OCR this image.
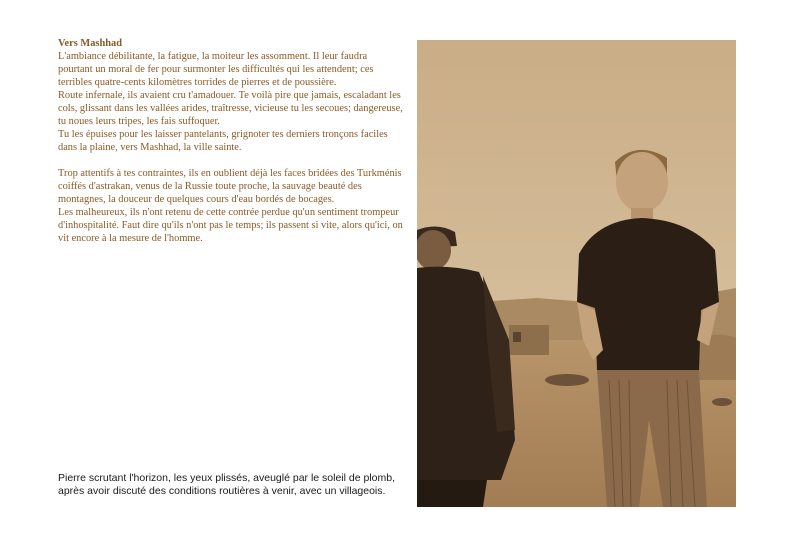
Vers Mashhad

L'ambiance débilitante, la fatigue, la moiteur les assomment. Il leur faudra pourtant un moral de fer pour surmonter les difficultés qui les attendent; ces terribles quatre-cents kilomètres torrides de pierres et de poussière.

Route infernale, ils avaient cru t'amadouer. Te voilà pire que jamais, escaladant les cols, glissant dans les vallées arides, traîtresse, vicieuse tu les secoues; dangereuse, tu noues leurs tripes, les fais suffoquer.

Tu les épuises pour les laisser pantelants, grignoter tes derniers tronçons faciles dans la plaine, vers Mashhad, la ville sainte.

Trop attentifs à tes contraintes, ils en oublient déjà les faces bridées des Turkménis coiffés d'astrakan, venus de la Russie toute proche, la sauvage beauté des montagnes, la douceur de quelques cours d'eau bordés de bocages.

Les malheureux, ils n'ont retenu de cette contrée perdue qu'un sentiment trompeur d'inhospitalité. Faut dire qu'ils n'ont pas le temps; ils passent si vite, alors qu'ici, on vit encore à la mesure de l'homme.

Pierre scrutant l'horizon, les yeux plissés, aveuglé par le soleil de plomb, après avoir discuté des conditions routières à venir, avec un villageois.
